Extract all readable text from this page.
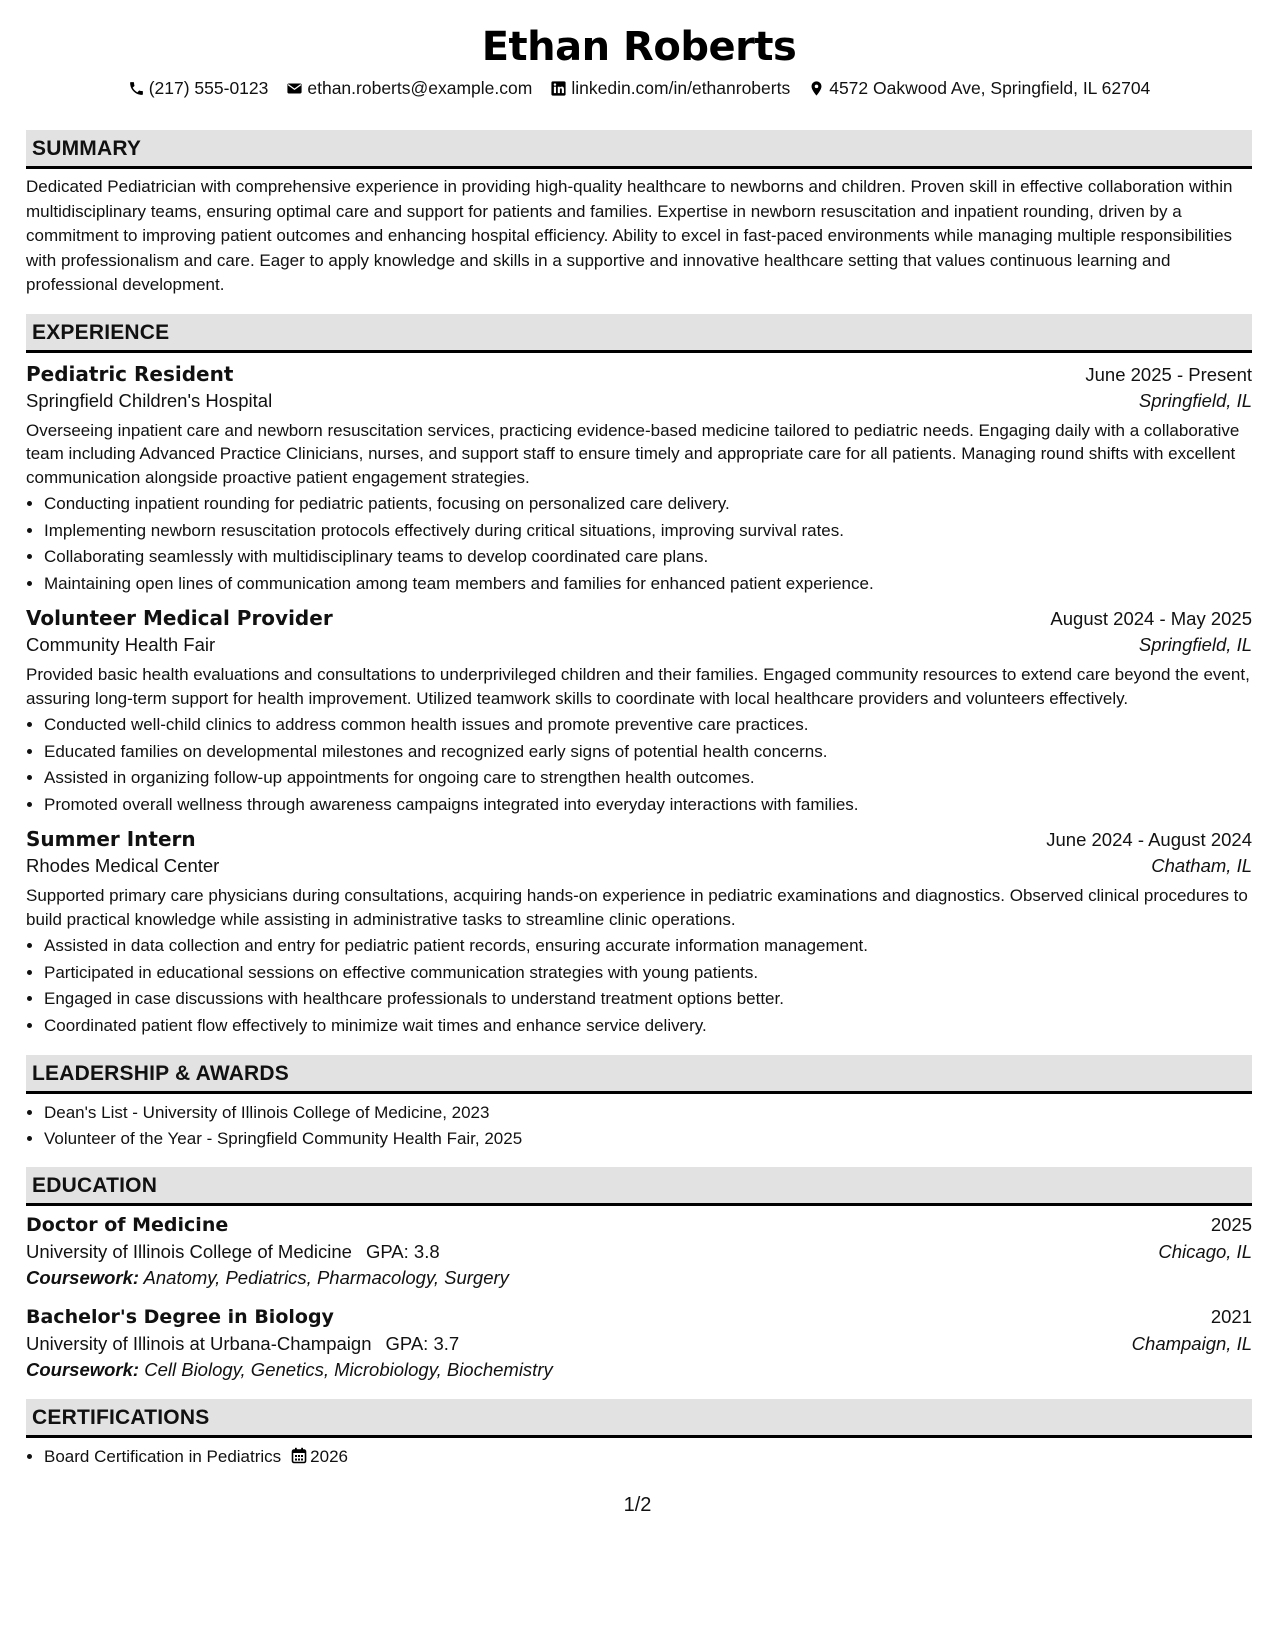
Ethan Roberts
(217) 555-0123 ethan.roberts@example.com linkedin.com/in/ethanroberts 4572 Oakwood Ave, Springfield, IL 62704
SUMMARY

Dedicated Pediatrician with comprehensive experience in providing high-quality healthcare to newborns and children. Proven skill in effective collaboration within multidisciplinary teams, ensuring optimal care and support for patients and families. Expertise in newborn resuscitation and inpatient rounding, driven by a commitment to improving patient outcomes and enhancing hospital efficiency. Ability to excel in fast-paced environments while managing multiple responsibilities with professionalism and care. Eager to apply knowledge and skills in a supportive and innovative healthcare setting that values continuous learning and professional development.

EXPERIENCE
Pediatric Resident	June 2025 - Present
Springfield Children's Hospital	Springfield, IL

Overseeing inpatient care and newborn resuscitation services, practicing evidence-based medicine tailored to pediatric needs. Engaging daily with a collaborative team including Advanced Practice Clinicians, nurses, and support staff to ensure timely and appropriate care for all patients. Managing round shifts with excellent communication alongside proactive patient engagement strategies.

• Conducting inpatient rounding for pediatric patients, focusing on personalized care delivery.
• Implementing newborn resuscitation protocols effectively during critical situations, improving survival rates.
• Collaborating seamlessly with multidisciplinary teams to develop coordinated care plans.
• Maintaining open lines of communication among team members and families for enhanced patient experience.
Volunteer Medical Provider	August 2024 - May 2025
Community Health Fair	Springfield, IL

Provided basic health evaluations and consultations to underprivileged children and their families. Engaged community resources to extend care beyond the event, assuring long-term support for health improvement. Utilized teamwork skills to coordinate with local healthcare providers and volunteers effectively.

• Conducted well-child clinics to address common health issues and promote preventive care practices.
• Educated families on developmental milestones and recognized early signs of potential health concerns.
• Assisted in organizing follow-up appointments for ongoing care to strengthen health outcomes.
• Promoted overall wellness through awareness campaigns integrated into everyday interactions with families.
Summer Intern	June 2024 - August 2024
Rhodes Medical Center	Chatham, IL

Supported primary care physicians during consultations, acquiring hands-on experience in pediatric examinations and diagnostics. Observed clinical procedures to build practical knowledge while assisting in administrative tasks to streamline clinic operations.

• Assisted in data collection and entry for pediatric patient records, ensuring accurate information management.
• Participated in educational sessions on effective communication strategies with young patients.
• Engaged in case discussions with healthcare professionals to understand treatment options better.
• Coordinated patient flow effectively to minimize wait times and enhance service delivery.
LEADERSHIP & AWARDS
• Dean's List - University of Illinois College of Medicine, 2023
• Volunteer of the Year - Springfield Community Health Fair, 2025
EDUCATION
Doctor of Medicine	2025
University of Illinois College of Medicine GPA: 3.8	Chicago, IL
Coursework: Anatomy, Pediatrics, Pharmacology, Surgery
Bachelor's Degree in Biology	2021
University of Illinois at Urbana-Champaign GPA: 3.7	Champaign, IL
Coursework: Cell Biology, Genetics, Microbiology, Biochemistry
CERTIFICATIONS
• Board Certification in Pediatrics 2026
1/2
